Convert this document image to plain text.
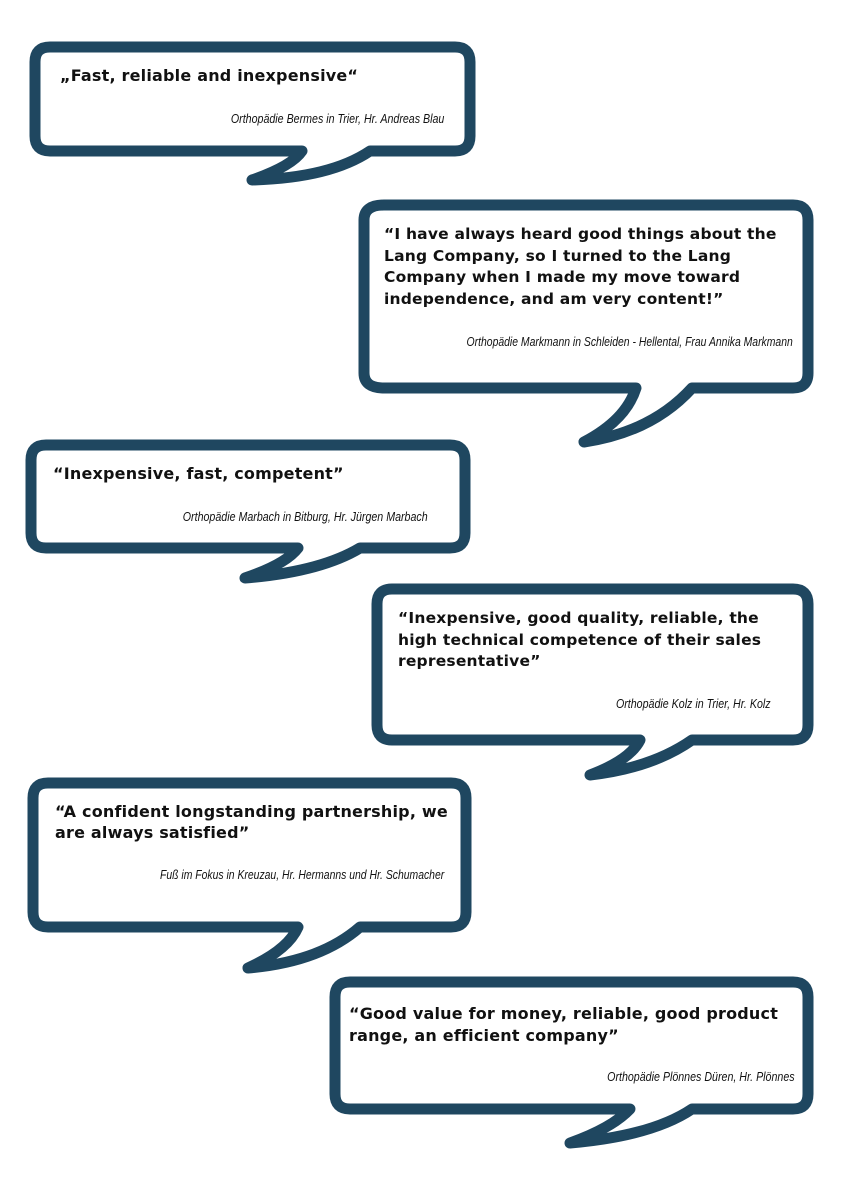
„Fast, reliable and inexpensive“

Orthopädie Bermes in Trier, Hr. Andreas Blau

“I have always heard good things about the Lang Company, so I turned to the Lang Company when I made my move toward independence, and am very content!”

Orthopädie Markmann in Schleiden - Hellental, Frau Annika Markmann

“Inexpensive, fast, competent”

Orthopädie Marbach in Bitburg, Hr. Jürgen Marbach

“Inexpensive, good quality, reliable, the high technical competence of their sales representative”

Orthopädie Kolz in Trier, Hr. Kolz

“A confident longstanding partnership, we are always satisfied”

Fuß im Fokus in Kreuzau, Hr. Hermanns und Hr. Schumacher

“Good value for money, reliable, good product range, an efficient company”

Orthopädie Plönnes Düren, Hr. Plönnes
